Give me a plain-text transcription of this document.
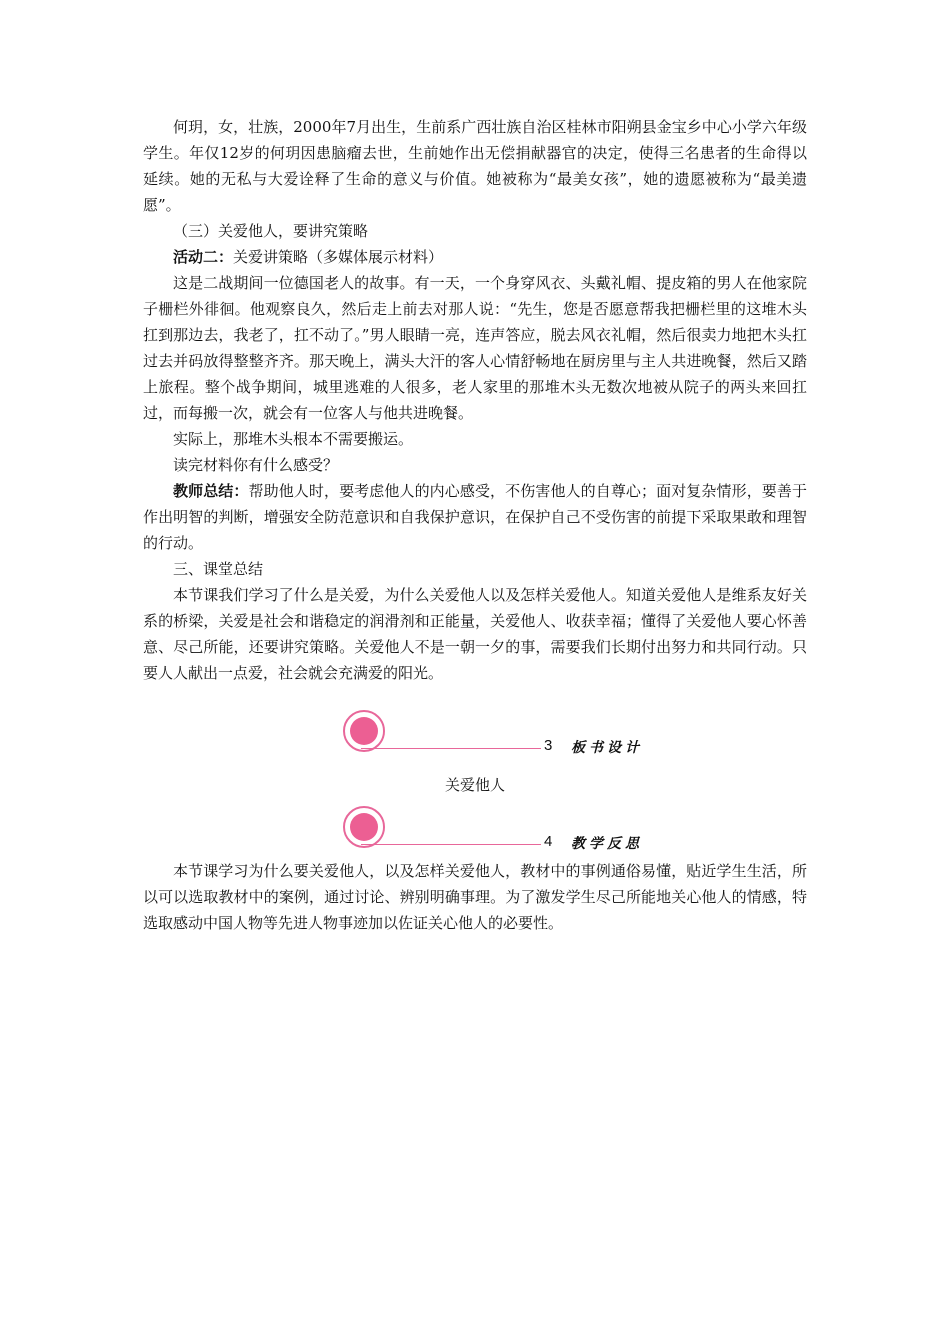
何玥，女，壮族，2000年7月出生，生前系广西壮族自治区桂林市阳朔县金宝乡中心小学六年级学生。年仅12岁的何玥因患脑瘤去世，生前她作出无偿捐献器官的决定，使得三名患者的生命得以延续。她的无私与大爱诠释了生命的意义与价值。她被称为“最美女孩”，她的遗愿被称为“最美遗愿”。

（三）关爱他人，要讲究策略

活动二：关爱讲策略（多媒体展示材料）

这是二战期间一位德国老人的故事。有一天，一个身穿风衣、头戴礼帽、提皮箱的男人在他家院子栅栏外徘徊。他观察良久，然后走上前去对那人说：“先生，您是否愿意帮我把栅栏里的这堆木头扛到那边去，我老了，扛不动了。”男人眼睛一亮，连声答应，脱去风衣礼帽，然后很卖力地把木头扛过去并码放得整整齐齐。那天晚上，满头大汗的客人心情舒畅地在厨房里与主人共进晚餐，然后又踏上旅程。整个战争期间，城里逃难的人很多，老人家里的那堆木头无数次地被从院子的两头来回扛过，而每搬一次，就会有一位客人与他共进晚餐。

实际上，那堆木头根本不需要搬运。

读完材料你有什么感受？

教师总结：帮助他人时，要考虑他人的内心感受，不伤害他人的自尊心；面对复杂情形，要善于作出明智的判断，增强安全防范意识和自我保护意识，在保护自己不受伤害的前提下采取果敢和理智的行动。

三、课堂总结

本节课我们学习了什么是关爱，为什么关爱他人以及怎样关爱他人。知道关爱他人是维系友好关系的桥梁，关爱是社会和谐稳定的润滑剂和正能量，关爱他人、收获幸福；懂得了关爱他人要心怀善意、尽己所能，还要讲究策略。关爱他人不是一朝一夕的事，需要我们长期付出努力和共同行动。只要人人献出一点爱，社会就会充满爱的阳光。

3 板书设计

关爱他人

4 教学反思

本节课学习为什么要关爱他人，以及怎样关爱他人，教材中的事例通俗易懂，贴近学生生活，所以可以选取教材中的案例，通过讨论、辨别明确事理。为了激发学生尽己所能地关心他人的情感，特选取感动中国人物等先进人物事迹加以佐证关心他人的必要性。
